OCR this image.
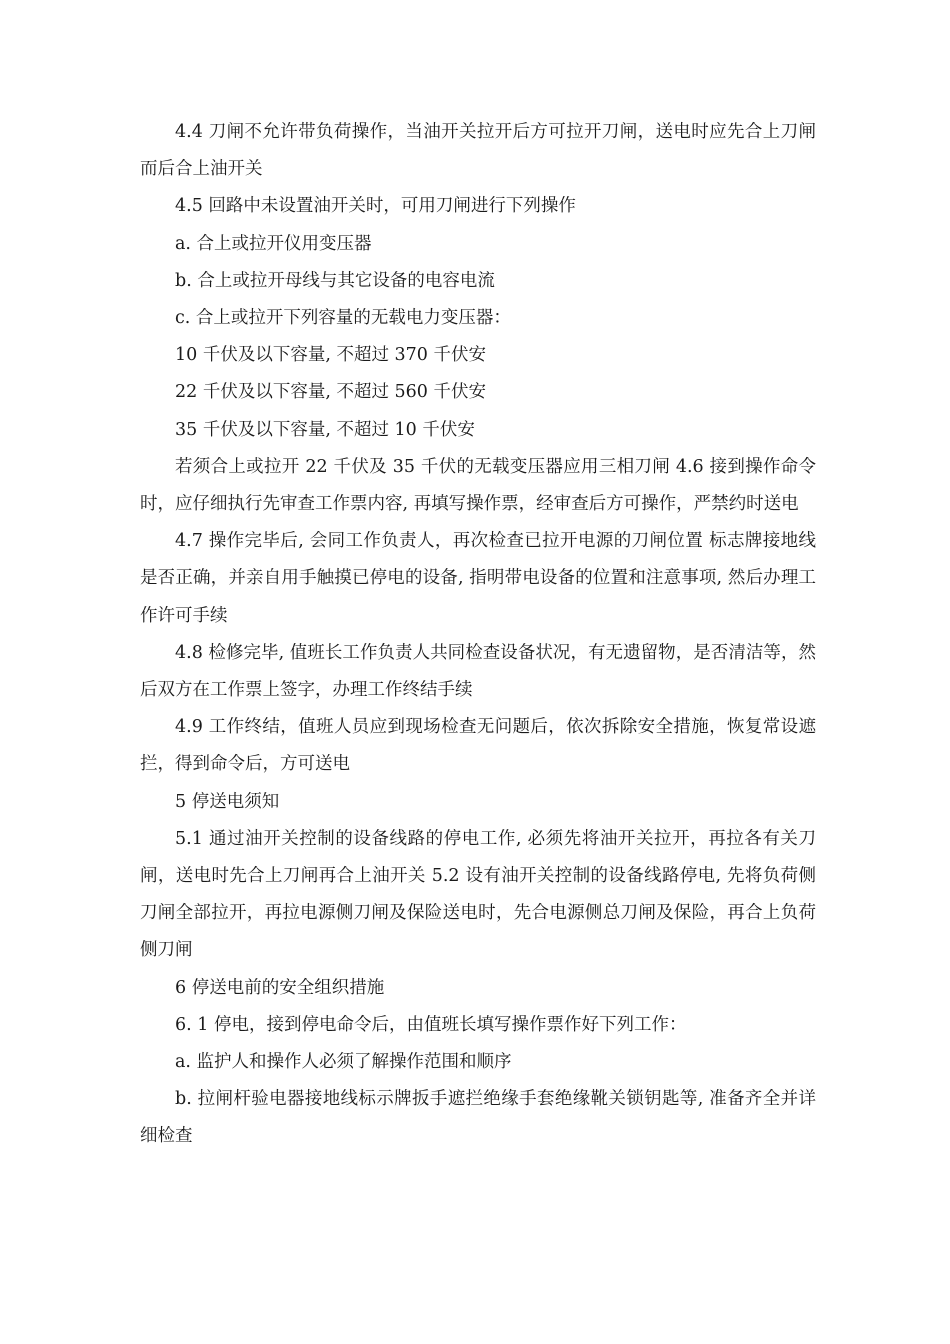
4.4 刀闸不允许带负荷操作，当油开关拉开后方可拉开刀闸，送电时应先合上刀闸而后合上油开关

4.5 回路中未设置油开关时，可用刀闸进行下列操作

a. 合上或拉开仪用变压器

b. 合上或拉开母线与其它设备的电容电流

c. 合上或拉开下列容量的无载电力变压器：

10 千伏及以下容量, 不超过 370 千伏安

22 千伏及以下容量, 不超过 560 千伏安

35 千伏及以下容量, 不超过 10 千伏安

若须合上或拉开 22 千伏及 35 千伏的无载变压器应用三相刀闸 4.6 接到操作命令时，应仔细执行先审查工作票内容, 再填写操作票，经审查后方可操作，严禁约时送电

4.7 操作完毕后, 会同工作负责人，再次检查已拉开电源的刀闸位置 标志牌接地线是否正确，并亲自用手触摸已停电的设备, 指明带电设备的位置和注意事项, 然后办理工作许可手续

4.8 检修完毕, 值班长工作负责人共同检查设备状况，有无遗留物，是否清洁等，然后双方在工作票上签字，办理工作终结手续

4.9 工作终结，值班人员应到现场检查无问题后，依次拆除安全措施，恢复常设遮拦，得到命令后，方可送电

5 停送电须知

5.1 通过油开关控制的设备线路的停电工作, 必须先将油开关拉开，再拉各有关刀闸，送电时先合上刀闸再合上油开关 5.2 设有油开关控制的设备线路停电, 先将负荷侧刀闸全部拉开，再拉电源侧刀闸及保险送电时，先合电源侧总刀闸及保险，再合上负荷侧刀闸

6 停送电前的安全组织措施

6. 1 停电，接到停电命令后，由值班长填写操作票作好下列工作：

a. 监护人和操作人必须了解操作范围和顺序

b. 拉闸杆验电器接地线标示牌扳手遮拦绝缘手套绝缘靴关锁钥匙等, 准备齐全并详细检查
